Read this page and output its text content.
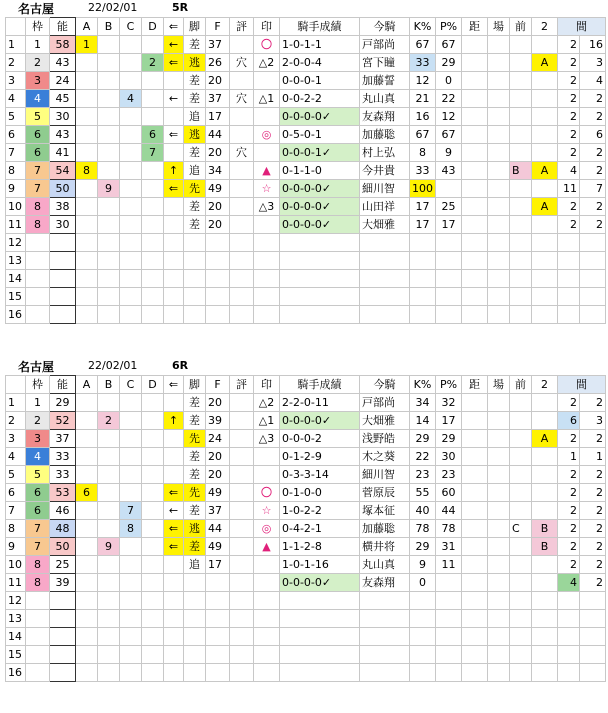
名古屋	22/02/01	5R
	枠	能	A	B	C	D	⇐	脚	F	評	印	騎手成績	今騎	K%	P%	距	場	前	2	間	
1	1	58	1				←	差	37		〇	1-0-1-1	戸部尚	67	67					2	16
2	2	43				2	⇐	逃	26	穴	△2	2-0-0-4	宮下瞳	33	29				A	2	3
3	3	24						差	20			0-0-0-1	加藤誓	12	0					2	4
4	4	45			4		←	差	37	穴	△1	0-0-2-2	丸山真	21	22					2	2
5	5	30						追	17			0-0-0-0✓	友森翔	16	12					2	2
6	6	43				6	⇐	逃	44		◎	0-5-0-1	加藤聡	67	67					2	6
7	6	41				7		差	20	穴		0-0-0-1✓	村上弘	8	9					2	2
8	7	54	8				↑	追	34		▲	0-1-1-0	今井貴	33	43			B	A	4	2
9	7	50		9			⇐	先	49		☆	0-0-0-0✓	細川智	100						11	7
10	8	38						差	20		△3	0-0-0-0✓	山田祥	17	25				A	2	2
11	8	30						差	20			0-0-0-0✓	大畑雅	17	17					2	2
12																					
13																					
14																					
15																					
16																					
名古屋	22/02/01	6R
	枠	能	A	B	C	D	⇐	脚	F	評	印	騎手成績	今騎	K%	P%	距	場	前	2	間	
1	1	29						差	20		△2	2-2-0-11	戸部尚	34	32					2	2
2	2	52		2			↑	差	39		△1	0-0-0-0✓	大畑雅	14	17					6	3
3	3	37						先	24		△3	0-0-0-2	浅野皓	29	29				A	2	2
4	4	33						差	20			0-1-2-9	木之葵	22	30					1	1
5	5	33						差	20			0-3-3-14	細川智	23	23					2	2
6	6	53	6				⇐	先	49		〇	0-1-0-0	菅原辰	55	60					2	2
7	6	46			7		←	差	37		☆	1-0-2-2	塚本征	40	44					2	2
8	7	48			8		⇐	逃	44		◎	0-4-2-1	加藤聡	78	78			C	B	2	2
9	7	50		9			⇐	差	49		▲	1-1-2-8	横井将	29	31				B	2	2
10	8	25						追	17			1-0-1-16	丸山真	9	11					2	2
11	8	39										0-0-0-0✓	友森翔	0						4	2
12																					
13																					
14																					
15																					
16																					
